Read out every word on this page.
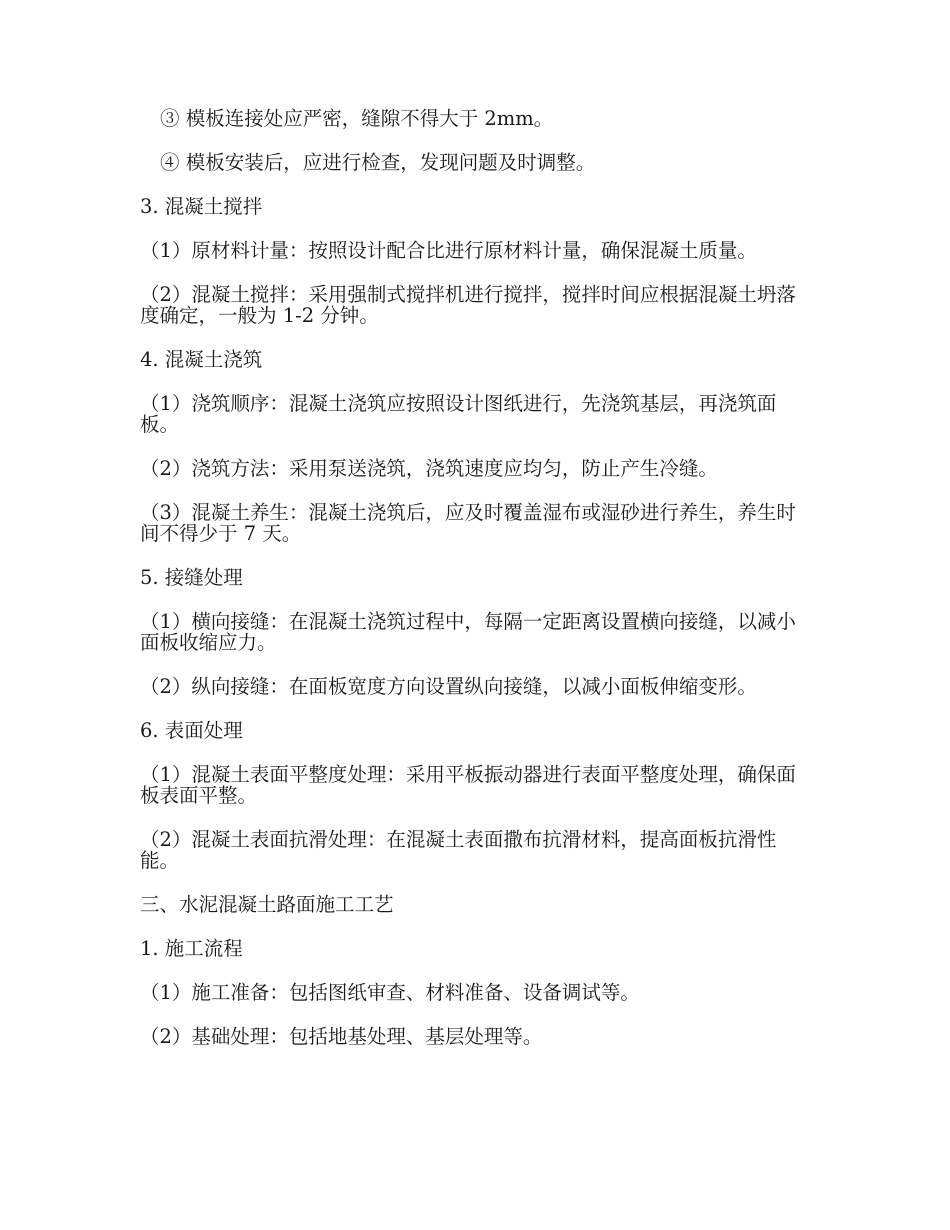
③ 模板连接处应严密，缝隙不得大于 2mm。

④ 模板安装后，应进行检查，发现问题及时调整。

3. 混凝土搅拌

（1）原材料计量：按照设计配合比进行原材料计量，确保混凝土质量。

（2）混凝土搅拌：采用强制式搅拌机进行搅拌，搅拌时间应根据混凝土坍落度确定，一般为 1-2 分钟。

4. 混凝土浇筑

（1）浇筑顺序：混凝土浇筑应按照设计图纸进行，先浇筑基层，再浇筑面板。

（2）浇筑方法：采用泵送浇筑，浇筑速度应均匀，防止产生冷缝。

（3）混凝土养生：混凝土浇筑后，应及时覆盖湿布或湿砂进行养生，养生时间不得少于 7 天。

5. 接缝处理

（1）横向接缝：在混凝土浇筑过程中，每隔一定距离设置横向接缝，以减小面板收缩应力。

（2）纵向接缝：在面板宽度方向设置纵向接缝，以减小面板伸缩变形。

6. 表面处理

（1）混凝土表面平整度处理：采用平板振动器进行表面平整度处理，确保面板表面平整。

（2）混凝土表面抗滑处理：在混凝土表面撒布抗滑材料，提高面板抗滑性能。

三、水泥混凝土路面施工工艺

1. 施工流程

（1）施工准备：包括图纸审查、材料准备、设备调试等。

（2）基础处理：包括地基处理、基层处理等。
